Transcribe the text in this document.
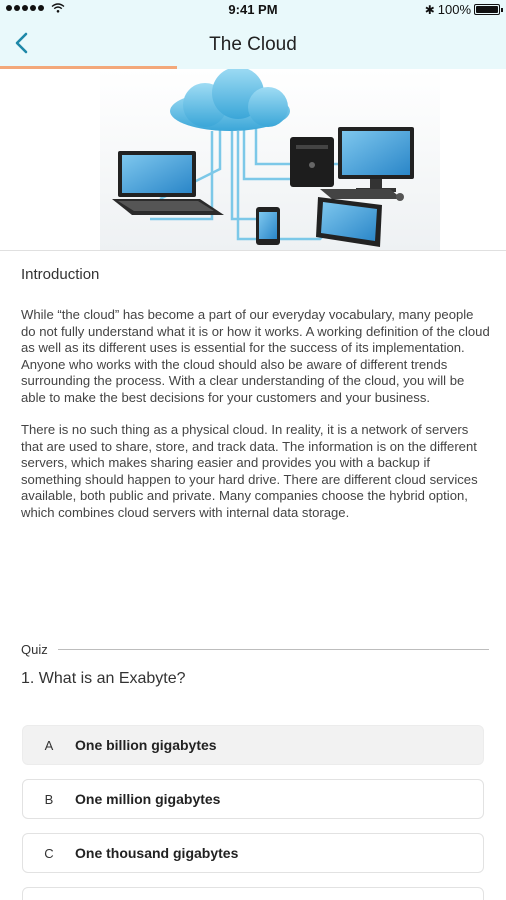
9:41 PM	✱ 100%
The Cloud
Introduction

While “the cloud” has become a part of our everyday vocabulary, many people do not fully understand what it is or how it works. A working definition of the cloud as well as its different uses is essential for the success of its implementation. Anyone who works with the cloud should also be aware of different trends surrounding the process. With a clear understanding of the cloud, you will be able to make the best decisions for your customers and your business.

There is no such thing as a physical cloud. In reality, it is a network of servers that are used to share, store, and track data. The information is on the different servers, which makes sharing easier and provides you with a backup if something should happen to your hard drive. There are different cloud services available, both public and private. Many companies choose the hybrid option, which combines cloud servers with internal data storage.

Quiz
1. What is an Exabyte?
A	One billion gigabytes
B	One million gigabytes
C	One thousand gigabytes
